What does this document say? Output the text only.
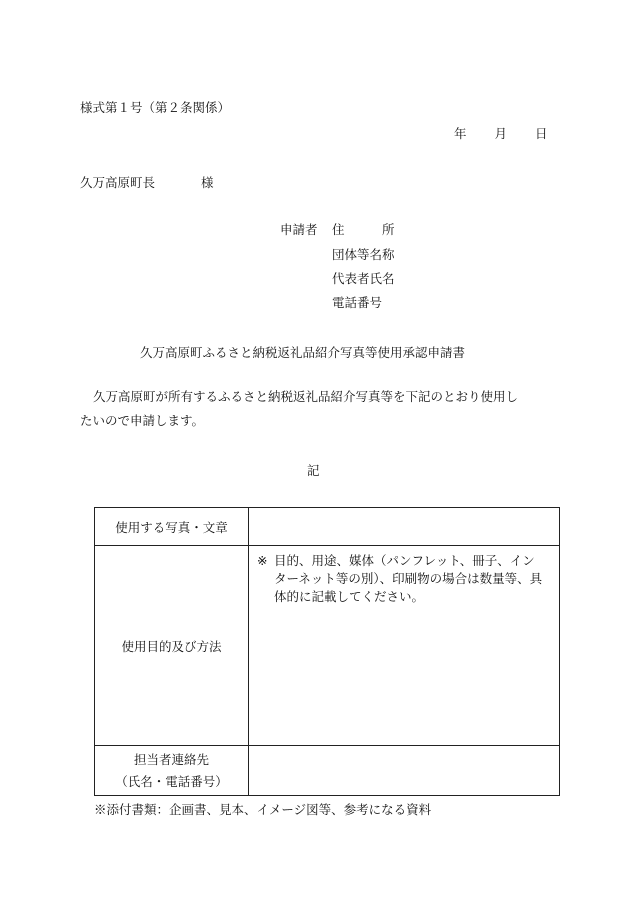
様式第１号（第２条関係）
年 月 日
久万高原町長	様
申請者 住　　　所
団体等名称
代表者氏名
電話番号
久万高原町ふるさと納税返礼品紹介写真等使用承認申請書
久万高原町が所有するふるさと納税返礼品紹介写真等を下記のとおり使用し
たいので申請します。
記
使用する写真・文章	
使用目的及び方法	※ 目的、用途、媒体（パンフレット、冊子、イン
ターネット等の別）、印刷物の場合は数量等、具
体的に記載してください。

担当者連絡先
（氏名・電話番号）	

※添付書類：企画書、見本、イメージ図等、参考になる資料
